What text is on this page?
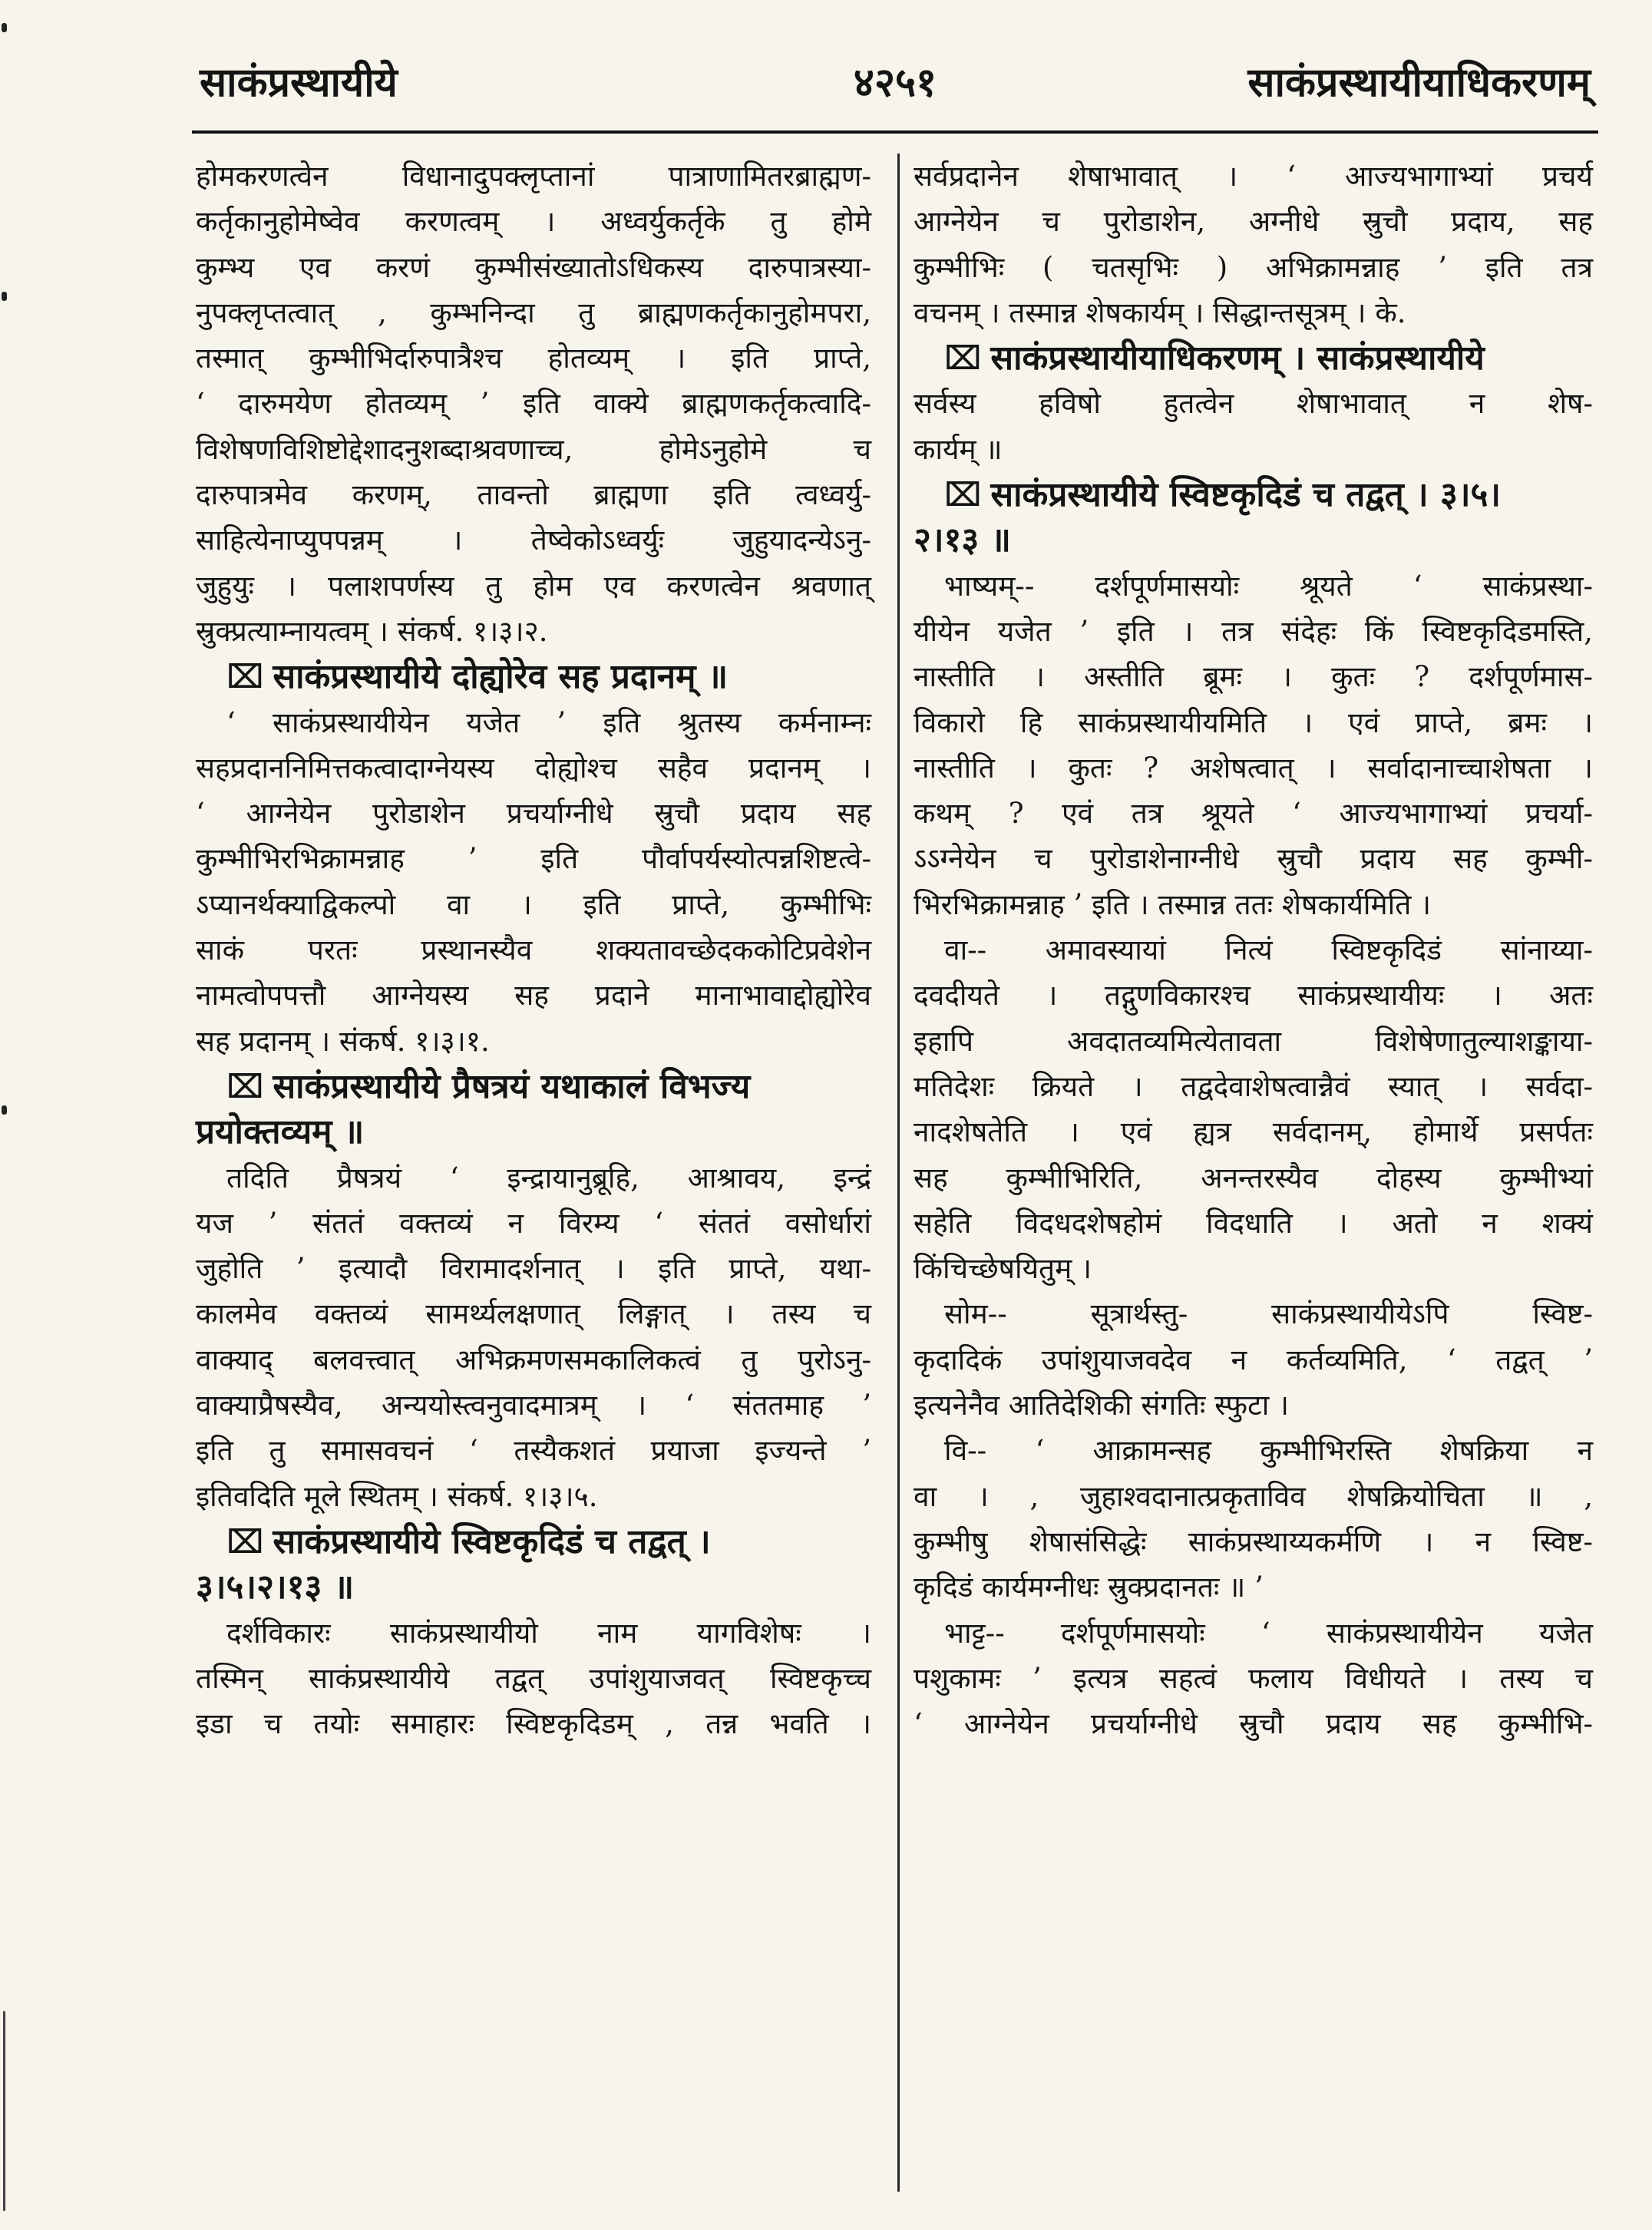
साकंप्रस्थायीये	४२५१	साकंप्रस्थायीयाधिकरणम्

होमकरणत्वेन विधानादुपक्लृप्तानां पात्राणामितरब्राह्मण-

कर्तृकानुहोमेष्वेव करणत्वम् । अध्वर्युकर्तृके तु होमे

कुम्भ्य एव करणं कुम्भीसंख्यातोऽधिकस्य दारुपात्रस्या-

नुपक्लृप्तत्वात् , कुम्भनिन्दा तु ब्राह्मणकर्तृकानुहोमपरा,

तस्मात् कुम्भीभिर्दारुपात्रैश्च होतव्यम् । इति प्राप्ते,

‘ दारुमयेण होतव्यम् ’ इति वाक्ये ब्राह्मणकर्तृकत्वादि-

विशेषणविशिष्टोद्देशादनुशब्दाश्रवणाच्च, होमेऽनुहोमे च

दारुपात्रमेव करणम्, तावन्तो ब्राह्मणा इति त्वध्वर्यु-

साहित्येनाप्युपपन्नम् । तेष्वेकोऽध्वर्युः जुहुयादन्येऽनु-

जुहुयुः । पलाशपर्णस्य तु होम एव करणत्वेन श्रवणात्

स्रुक्प्रत्याम्नायत्वम् । संकर्ष. १।३।२.

⌧ साकंप्रस्थायीये दोह्योरेव सह प्रदानम् ॥

‘ साकंप्रस्थायीयेन यजेत ’ इति श्रुतस्य कर्मनाम्नः

सहप्रदाननिमित्तकत्वादाग्नेयस्य दोह्योश्च सहैव प्रदानम् ।

‘ आग्नेयेन पुरोडाशेन प्रचर्याग्नीधे स्रुचौ प्रदाय सह

कुम्भीभिरभिक्रामन्नाह ’ इति पौर्वापर्यस्योत्पन्नशिष्टत्वे-

ऽप्यानर्थक्याद्विकल्पो वा । इति प्राप्ते, कुम्भीभिः

साकं परतः प्रस्थानस्यैव शक्यतावच्छेदककोटिप्रवेशेन

नामत्वोपपत्तौ आग्नेयस्य सह प्रदाने मानाभावाद्दोह्योरेव

सह प्रदानम् । संकर्ष. १।३।१.

⌧ साकंप्रस्थायीये प्रैषत्रयं यथाकालं विभज्य

प्रयोक्तव्यम् ॥

तदिति प्रैषत्रयं ‘ इन्द्रायानुब्रूहि, आश्रावय, इन्द्रं

यज ’ संततं वक्तव्यं न विरम्य ‘ संततं वसोर्धारां

जुहोति ’ इत्यादौ विरामादर्शनात् । इति प्राप्ते, यथा-

कालमेव वक्तव्यं सामर्थ्यलक्षणात् लिङ्गात् । तस्य च

वाक्याद् बलवत्त्वात् अभिक्रमणसमकालिकत्वं तु पुरोऽनु-

वाक्याप्रैषस्यैव, अन्ययोस्त्वनुवादमात्रम् । ‘ संततमाह ’

इति तु समासवचनं ‘ तस्यैकशतं प्रयाजा इज्यन्ते ’

इतिवदिति मूले स्थितम् । संकर्ष. १।३।५.

⌧ साकंप्रस्थायीये स्विष्टकृदिडं च तद्वत् ।

३।५।२।१३ ॥

दर्शविकारः साकंप्रस्थायीयो नाम यागविशेषः ।

तस्मिन् साकंप्रस्थायीये तद्वत् उपांशुयाजवत् स्विष्टकृच्च

इडा च तयोः समाहारः स्विष्टकृदिडम् , तन्न भवति ।

सर्वप्रदानेन शेषाभावात् । ‘ आज्यभागाभ्यां प्रचर्य

आग्नेयेन च पुरोडाशेन, अग्नीधे स्रुचौ प्रदाय, सह

कुम्भीभिः ( चतसृभिः ) अभिक्रामन्नाह ’ इति तत्र

वचनम् । तस्मान्न शेषकार्यम् । सिद्धान्तसूत्रम् । के.

⌧ साकंप्रस्थायीयाधिकरणम् । साकंप्रस्थायीये

सर्वस्य हविषो हुतत्वेन शेषाभावात् न शेष-

कार्यम् ॥

⌧ साकंप्रस्थायीये स्विष्टकृदिडं च तद्वत् । ३।५।

२।१३ ॥

भाष्यम्-- दर्शपूर्णमासयोः श्रूयते ‘ साकंप्रस्था-

यीयेन यजेत ’ इति । तत्र संदेहः किं स्विष्टकृदिडमस्ति,

नास्तीति । अस्तीति ब्रूमः । कुतः ? दर्शपूर्णमास-

विकारो हि साकंप्रस्थायीयमिति । एवं प्राप्ते, ब्रमः ।

नास्तीति । कुतः ? अशेषत्वात् । सर्वादानाच्चाशेषता ।

कथम् ? एवं तत्र श्रूयते ‘ आज्यभागाभ्यां प्रचर्या-

ऽऽग्नेयेन च पुरोडाशेनाग्नीधे स्रुचौ प्रदाय सह कुम्भी-

भिरभिक्रामन्नाह ’ इति । तस्मान्न ततः शेषकार्यमिति ।

वा-- अमावस्यायां नित्यं स्विष्टकृदिडं सांनाय्या-

दवदीयते । तद्गुणविकारश्च साकंप्रस्थायीयः । अतः

इहापि अवदातव्यमित्येतावता विशेषेणातुल्याशङ्काया-

मतिदेशः क्रियते । तद्वदेवाशेषत्वान्नैवं स्यात् । सर्वदा-

नादशेषतेति । एवं ह्यत्र सर्वदानम्, होमार्थे प्रसर्पतः

सह कुम्भीभिरिति, अनन्तरस्यैव दोहस्य कुम्भीभ्यां

सहेति विदधदशेषहोमं विदधाति । अतो न शक्यं

किंचिच्छेषयितुम् ।

सोम-- सूत्रार्थस्तु- साकंप्रस्थायीयेऽपि स्विष्ट-

कृदादिकं उपांशुयाजवदेव न कर्तव्यमिति, ‘ तद्वत् ’

इत्यनेनैव आतिदेशिकी संगतिः स्फुटा ।

वि-- ‘ आक्रामन्सह कुम्भीभिरस्ति शेषक्रिया न

वा । , जुहाश्वदानात्प्रकृताविव शेषक्रियोचिता ॥ ,

कुम्भीषु शेषासंसिद्धेः साकंप्रस्थाय्यकर्मणि । न स्विष्ट-

कृदिडं कार्यमग्नीधः स्रुक्प्रदानतः ॥ ’

भाट्ट-- दर्शपूर्णमासयोः ‘ साकंप्रस्थायीयेन यजेत

पशुकामः ’ इत्यत्र सहत्वं फलाय विधीयते । तस्य च

‘ आग्नेयेन प्रचर्याग्नीधे स्रुचौ प्रदाय सह कुम्भीभि-
